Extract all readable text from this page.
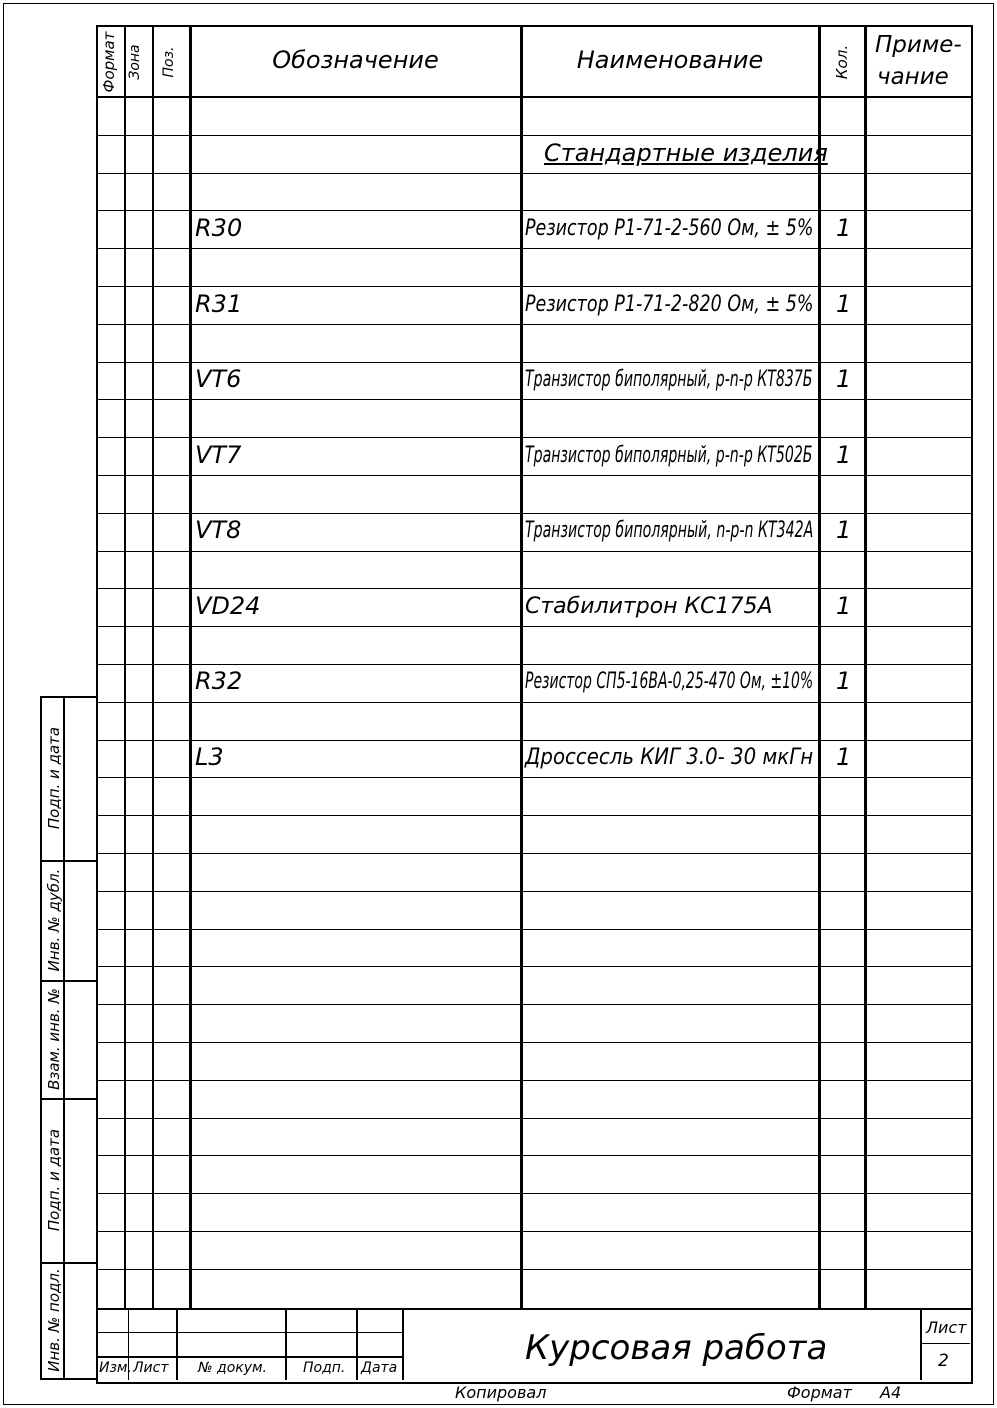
Формат Зона Поз.	Обозначение	Наименование	Кол. Приме-
чание
Стандартные изделия
R30	Резистор Р1-71-2-560 Ом, ± 5% 1
R31	Резистор Р1-71-2-820 Ом, ± 5% 1
VT6	Транзистор биполярный, p-n-p КТ837Б 1
VT7	Транзистор биполярный, p-n-p КТ502Б 1
VT8	Транзистор биполярный, n-p-n КТ342А 1
VD24	Стабилитрон КС175А	1
R32	Резистор СП5-16ВА-0,25-470 Ом, ±10% 1
L3	Дроссесль КИГ 3.0- 30 мкГн 1
Подп. и дата
Инв. № дубл.
Взам. инв. №
Подп. и дата
Инв. № подл.	Изм. Лист № докум.	Подп. Дата	Курсовая работа
Лист
2
Копировал	Формат А4
